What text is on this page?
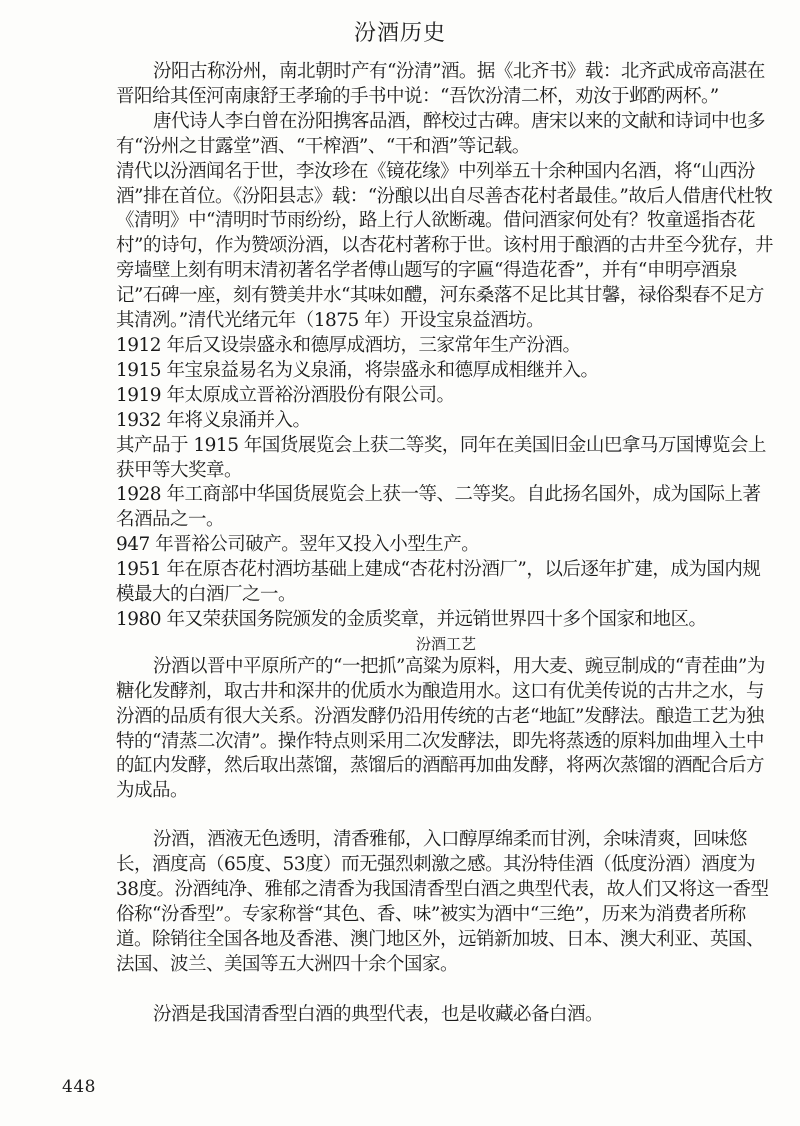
汾酒历史

汾阳古称汾州，南北朝时产有“汾清”酒。据《北齐书》载：北齐武成帝高湛在晋阳给其侄河南康舒王孝瑜的手书中说：“吾饮汾清二杯，劝汝于邺酌两杯。”

唐代诗人李白曾在汾阳携客品酒，醉校过古碑。唐宋以来的文献和诗词中也多有“汾州之甘露堂”酒、“干榨酒”、“干和酒”等记载。

清代以汾酒闻名于世，李汝珍在《镜花缘》中列举五十余种国内名酒，将“山西汾酒”排在首位。《汾阳县志》载：“汾酿以出自尽善杏花村者最佳。”故后人借唐代杜牧《清明》中“清明时节雨纷纷，路上行人欲断魂。借问酒家何处有？牧童遥指杏花村”的诗句，作为赞颂汾酒，以杏花村著称于世。该村用于酿酒的古井至今犹存，井旁墙壁上刻有明末清初著名学者傅山题写的字匾“得造花香”，并有“申明亭酒泉记”石碑一座，刻有赞美井水“其味如醴，河东桑落不足比其甘馨，禄俗梨春不足方其清冽。”清代光绪元年（1875 年）开设宝泉益酒坊。

1912 年后又设崇盛永和德厚成酒坊，三家常年生产汾酒。

1915 年宝泉益易名为义泉涌，将崇盛永和德厚成相继并入。

1919 年太原成立晋裕汾酒股份有限公司。

1932 年将义泉涌并入。

其产品于 1915 年国货展览会上获二等奖，同年在美国旧金山巴拿马万国博览会上获甲等大奖章。

1928 年工商部中华国货展览会上获一等、二等奖。自此扬名国外，成为国际上著名酒品之一。

947 年晋裕公司破产。翌年又投入小型生产。

1951 年在原杏花村酒坊基础上建成“杏花村汾酒厂”，以后逐年扩建，成为国内规模最大的白酒厂之一。

1980 年又荣获国务院颁发的金质奖章，并远销世界四十多个国家和地区。

汾酒工艺

汾酒以晋中平原所产的“一把抓”高粱为原料，用大麦、豌豆制成的“青茬曲”为糖化发酵剂，取古井和深井的优质水为酿造用水。这口有优美传说的古井之水，与汾酒的品质有很大关系。汾酒发酵仍沿用传统的古老“地缸”发酵法。酿造工艺为独特的“清蒸二次清”。操作特点则采用二次发酵法，即先将蒸透的原料加曲埋入土中的缸内发酵，然后取出蒸馏，蒸馏后的酒醅再加曲发酵，将两次蒸馏的酒配合后方为成品。

汾酒，酒液无色透明，清香雅郁，入口醇厚绵柔而甘洌，余味清爽，回味悠长，酒度高（65度、53度）而无强烈刺激之感。其汾特佳酒（低度汾酒）酒度为38度。汾酒纯净、雅郁之清香为我国清香型白酒之典型代表，故人们又将这一香型俗称“汾香型”。专家称誉“其色、香、味”被实为酒中“三绝”，历来为消费者所称道。除销往全国各地及香港、澳门地区外，远销新加坡、日本、澳大利亚、英国、法国、波兰、美国等五大洲四十余个国家。

汾酒是我国清香型白酒的典型代表，也是收藏必备白酒。

448
